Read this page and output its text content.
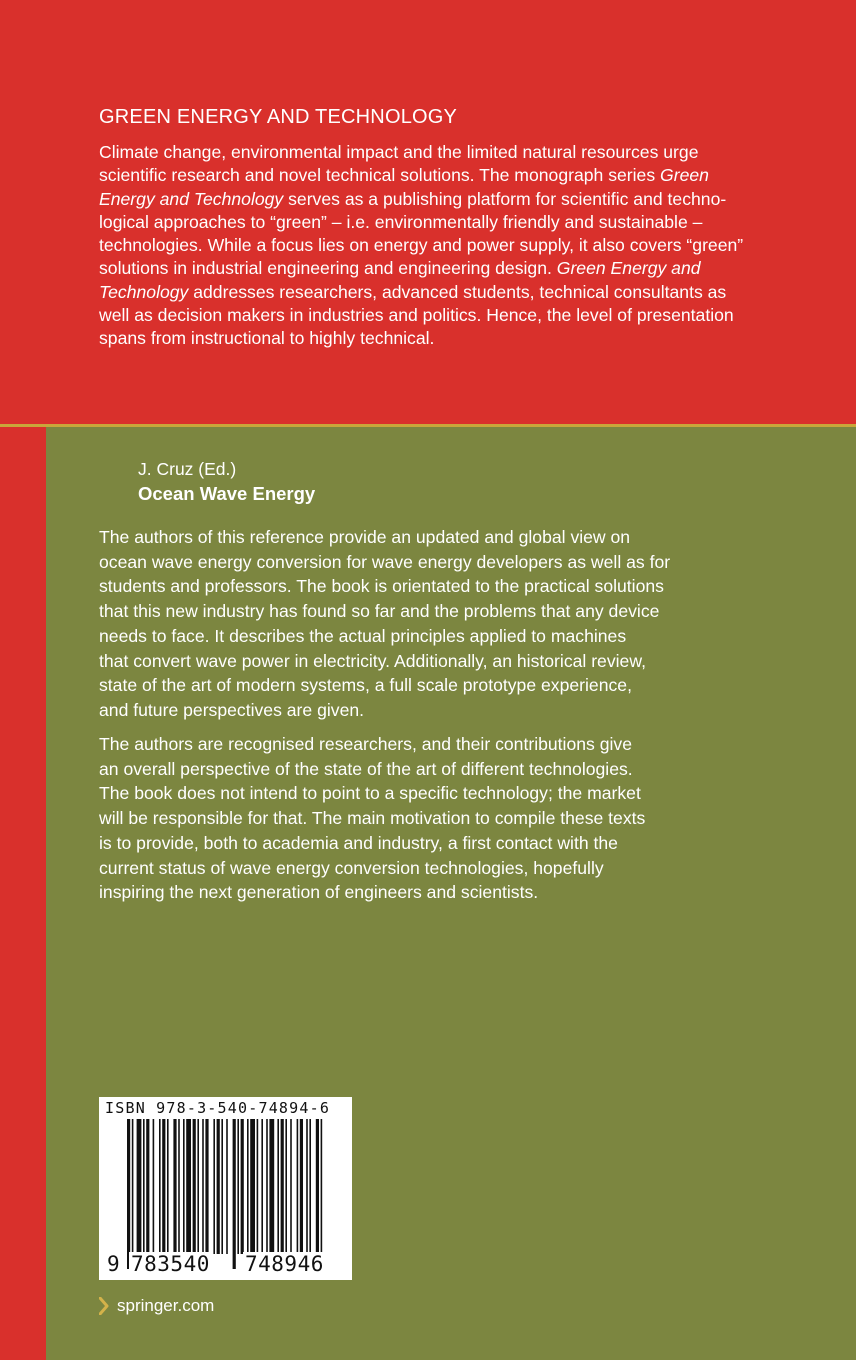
GREEN ENERGY AND TECHNOLOGY
Climate change, environmental impact and the limited natural resources urge
scientific research and novel technical solutions. The monograph series Green
Energy and Technology serves as a publishing platform for scientific and techno-
logical approaches to “green” – i.e. environmentally friendly and sustainable –
technologies. While a focus lies on energy and power supply, it also covers “green”
solutions in industrial engineering and engineering design. Green Energy and
Technology addresses researchers, advanced students, technical consultants as
well as decision makers in industries and politics. Hence, the level of presentation
spans from instructional to highly technical.
J. Cruz (Ed.)
Ocean Wave Energy
The authors of this reference provide an updated and global view on
ocean wave energy conversion for wave energy developers as well as for
students and professors. The book is orientated to the practical solutions
that this new industry has found so far and the problems that any device
needs to face. It describes the actual principles applied to machines
that convert wave power in electricity. Additionally, an historical review,
state of the art of modern systems, a full scale prototype experience,
and future perspectives are given.
The authors are recognised researchers, and their contributions give
an overall perspective of the state of the art of different technologies.
The book does not intend to point to a specific technology; the market
will be responsible for that. The main motivation to compile these texts
is to provide, both to academia and industry, a first contact with the
current status of wave energy conversion technologies, hopefully
inspiring the next generation of engineers and scientists.
ISBN 978-3-540-74894-6
9 783540 748946
springer.com
